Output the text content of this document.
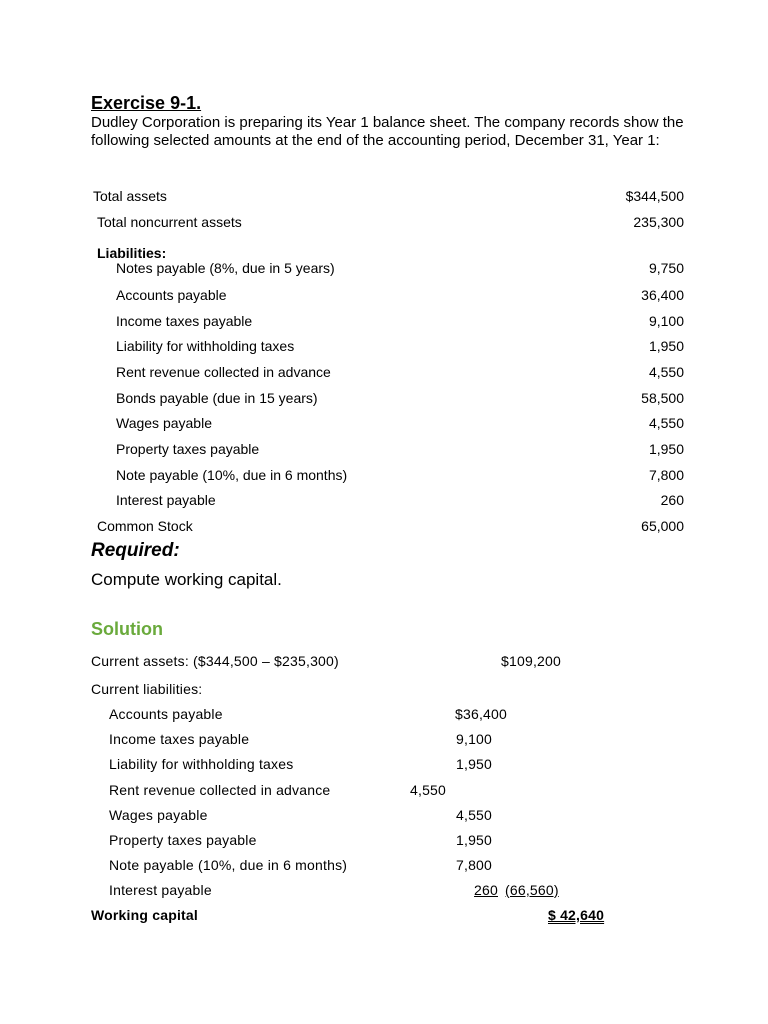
Exercise 9-1.
Dudley Corporation is preparing its Year 1 balance sheet. The company records show the following selected amounts at the end of the accounting period, December 31, Year 1:
Total assets	$344,500
Total noncurrent assets	235,300
Liabilities:
Notes payable (8%, due in 5 years)	9,750
Accounts payable	36,400
Income taxes payable	9,100
Liability for withholding taxes	1,950
Rent revenue collected in advance	4,550
Bonds payable (due in 15 years)	58,500
Wages payable	4,550
Property taxes payable	1,950
Note payable (10%, due in 6 months)	7,800
Interest payable	260
Common Stock	65,000
Required:
Compute working capital.
Solution
Current assets: ($344,500 – $235,300)	$109,200
Current liabilities:
Accounts payable	$36,400
Income taxes payable	9,100
Liability for withholding taxes	1,950
Rent revenue collected in advance	4,550
Wages payable	4,550
Property taxes payable	1,950
Note payable (10%, due in 6 months)	7,800
Interest payable	260 (66,560)
Working capital	$ 42,640
